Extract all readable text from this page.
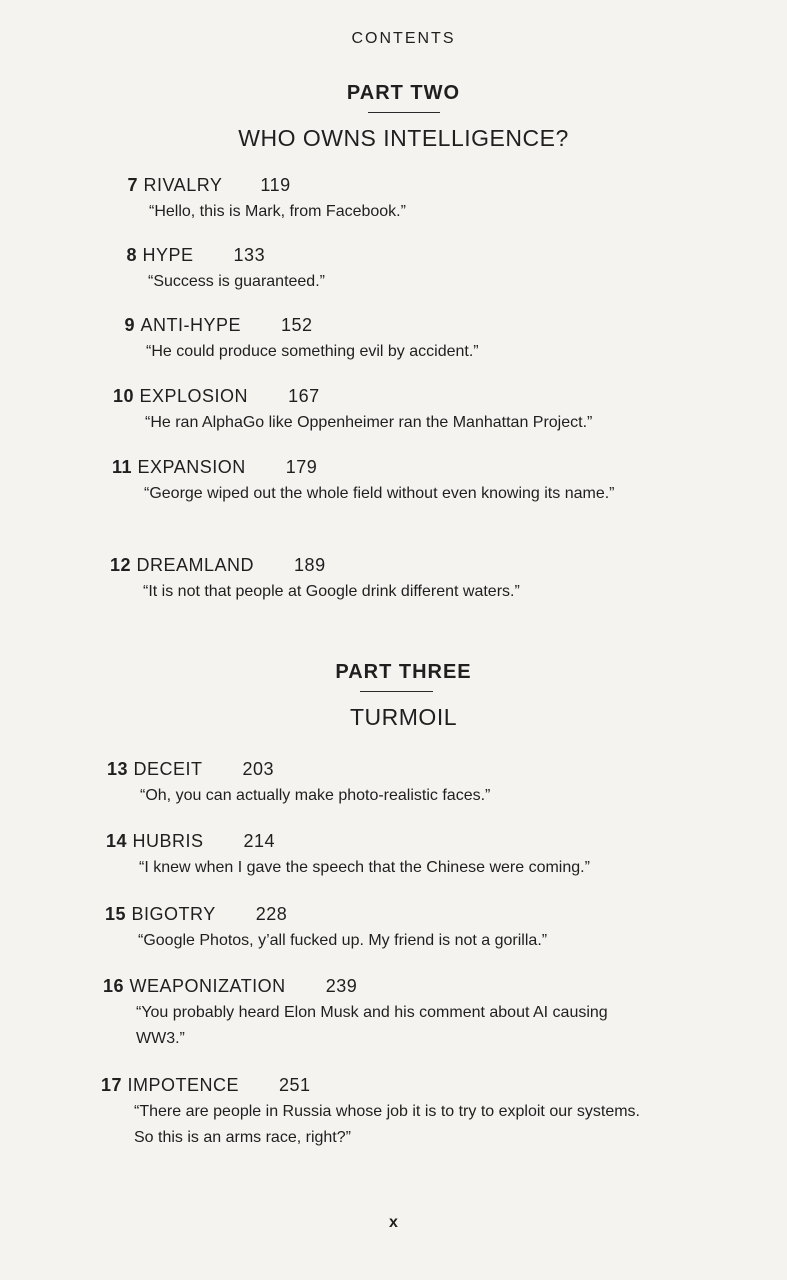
CONTENTS
PART TWO
WHO OWNS INTELLIGENCE?
7 RIVALRY 119
“Hello, this is Mark, from Facebook.”
8 HYPE 133
“Success is guaranteed.”
9 ANTI-HYPE 152
“He could produce something evil by accident.”
10 EXPLOSION 167
“He ran AlphaGo like Oppenheimer ran the Manhattan Project.”
11 EXPANSION 179
“George wiped out the whole field without even knowing its name.”
12 DREAMLAND 189
“It is not that people at Google drink different waters.”
PART THREE
TURMOIL
13 DECEIT 203
“Oh, you can actually make photo-realistic faces.”
14 HUBRIS 214
“I knew when I gave the speech that the Chinese were coming.”
15 BIGOTRY 228
“Google Photos, y’all fucked up. My friend is not a gorilla.”
16 WEAPONIZATION 239
“You probably heard Elon Musk and his comment about AI causing WW3.”
17 IMPOTENCE 251
“There are people in Russia whose job it is to try to exploit our systems. So this is an arms race, right?”
x
